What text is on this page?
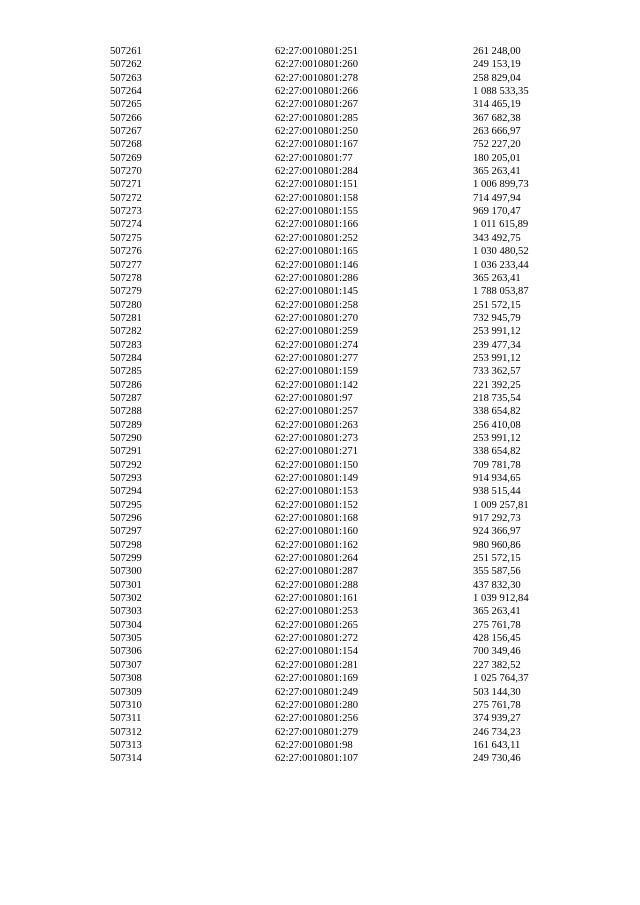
507261	62:27:0010801:251	261 248,00
507262	62:27:0010801:260	249 153,19
507263	62:27:0010801:278	258 829,04
507264	62:27:0010801:266	1 088 533,35
507265	62:27:0010801:267	314 465,19
507266	62:27:0010801:285	367 682,38
507267	62:27:0010801:250	263 666,97
507268	62:27:0010801:167	752 227,20
507269	62:27:0010801:77	180 205,01
507270	62:27:0010801:284	365 263,41
507271	62:27:0010801:151	1 006 899,73
507272	62:27:0010801:158	714 497,94
507273	62:27:0010801:155	969 170,47
507274	62:27:0010801:166	1 011 615,89
507275	62:27:0010801:252	343 492,75
507276	62:27:0010801:165	1 030 480,52
507277	62:27:0010801:146	1 036 233,44
507278	62:27:0010801:286	365 263,41
507279	62:27:0010801:145	1 788 053,87
507280	62:27:0010801:258	251 572,15
507281	62:27:0010801:270	732 945,79
507282	62:27:0010801:259	253 991,12
507283	62:27:0010801:274	239 477,34
507284	62:27:0010801:277	253 991,12
507285	62:27:0010801:159	733 362,57
507286	62:27:0010801:142	221 392,25
507287	62:27:0010801:97	218 735,54
507288	62:27:0010801:257	338 654,82
507289	62:27:0010801:263	256 410,08
507290	62:27:0010801:273	253 991,12
507291	62:27:0010801:271	338 654,82
507292	62:27:0010801:150	709 781,78
507293	62:27:0010801:149	914 934,65
507294	62:27:0010801:153	938 515,44
507295	62:27:0010801:152	1 009 257,81
507296	62:27:0010801:168	917 292,73
507297	62:27:0010801:160	924 366,97
507298	62:27:0010801:162	980 960,86
507299	62:27:0010801:264	251 572,15
507300	62:27:0010801:287	355 587,56
507301	62:27:0010801:288	437 832,30
507302	62:27:0010801:161	1 039 912,84
507303	62:27:0010801:253	365 263,41
507304	62:27:0010801:265	275 761,78
507305	62:27:0010801:272	428 156,45
507306	62:27:0010801:154	700 349,46
507307	62:27:0010801:281	227 382,52
507308	62:27:0010801:169	1 025 764,37
507309	62:27:0010801:249	503 144,30
507310	62:27:0010801:280	275 761,78
507311	62:27:0010801:256	374 939,27
507312	62:27:0010801:279	246 734,23
507313	62:27:0010801:98	161 643,11
507314	62:27:0010801:107	249 730,46
